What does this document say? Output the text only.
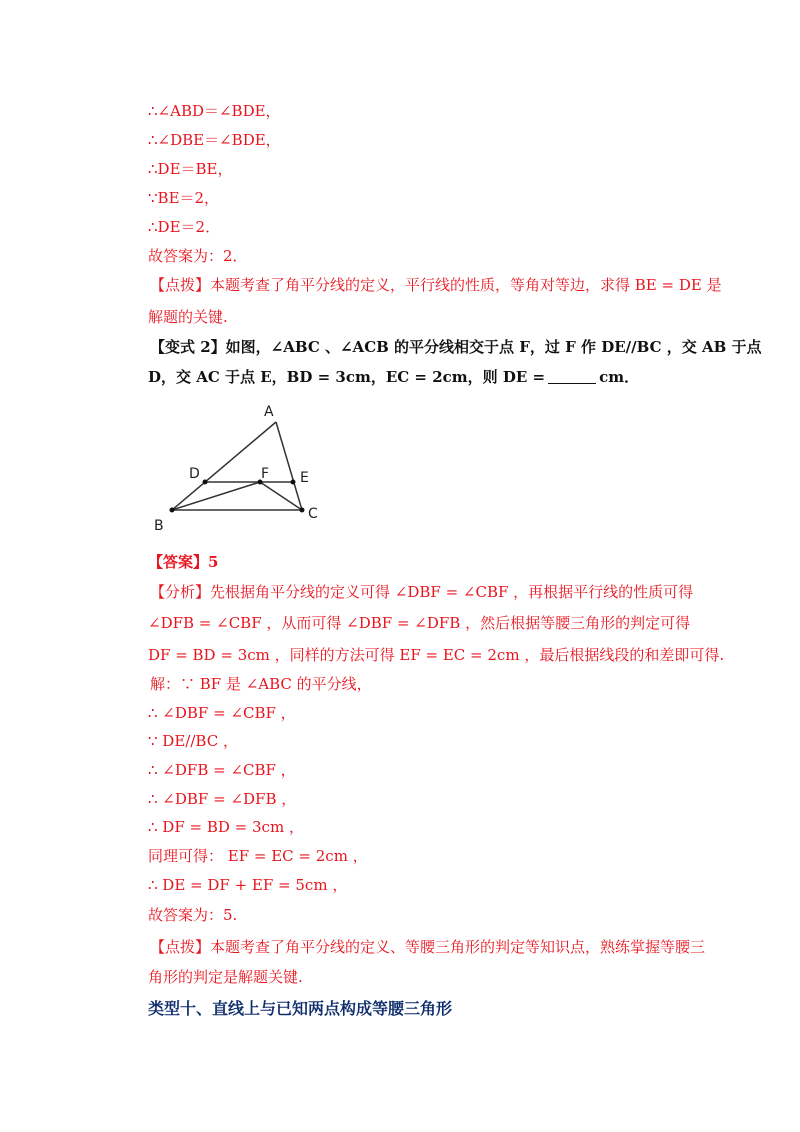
∴∠ABD＝∠BDE，
∴∠DBE＝∠BDE，
∴DE＝BE，
∵BE＝2，
∴DE＝2．
故答案为：2．
【点拨】本题考查了角平分线的定义，平行线的性质，等角对等边，求得 BE = DE 是
解题的关键.
【变式 2】如图，∠ABC 、∠ACB 的平分线相交于点 F，过 F 作 DE//BC ，交 AB 于点
D，交 AC 于点 E，BD = 3cm，EC = 2cm，则 DE =	cm．
A
B
C
D	E
F
【答案】5
【分析】先根据角平分线的定义可得 ∠DBF = ∠CBF ，再根据平行线的性质可得
∠DFB = ∠CBF ，从而可得 ∠DBF = ∠DFB ，然后根据等腰三角形的判定可得
DF = BD = 3cm ，同样的方法可得 EF = EC = 2cm ，最后根据线段的和差即可得.
解：∵ BF 是 ∠ABC 的平分线，
∴ ∠DBF = ∠CBF ，
∵ DE//BC ，
∴ ∠DFB = ∠CBF ，
∴ ∠DBF = ∠DFB ，
∴ DF = BD = 3cm ，
同理可得： EF = EC = 2cm ，
∴ DE = DF + EF = 5cm ，
故答案为：5.
【点拨】本题考查了角平分线的定义、等腰三角形的判定等知识点，熟练掌握等腰三
角形的判定是解题关键.
类型十、直线上与已知两点构成等腰三角形
